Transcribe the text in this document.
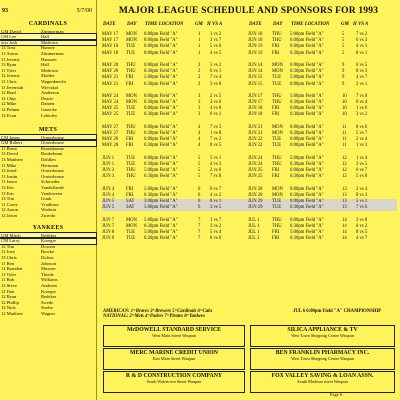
93	5/7/00
CARDINALS
GM David	Zimmerman
CM Lee	Hall
asst Josh	Medeiros
13 Tom	Bunsey
11 Aaron	Zimmerman
11 Jeremy	Hanssen
13 Ryan	Hall
11 Tyler	Medeiros
12 Jeremy	Mulder
11 Chris	Wagenknecht
11 Jeremiah	Wieczkot
12 Brad	Anderson
12 Chip	Dearie
12 Mike	Damen
12 Palmer	Gazecke
12 Evan	Lehtoley
METS
CM Jason	Oosterhouse
GM Robert	Oosterhouse
11 Brent	Rosenkrantz
13 David	Bonkelman
13 Matthew	Dahlkes
11 Mike	Hermann
13 Jared	Oosterhouse
11 Justin	Oosterhouse
11 Jason	Schroeder
13 Eric	VandeZande
13 Eric	Vandeweier
13 Tim	Gunk
11 Corey	Vrudhnos
12 Aaron	Wodstra
12 Jason	Zwerdo
YANKEES
GM Mitch	Redeker
CM Larry	Kroeger
12 Tim	Dowzer
11 Joey	Bowke
13 Chris	Doleac
11 Ben	Johnson
11 Brandon	Maxsen
11 Tyler	Thiede
11 Bob	Williams
12 Steve	Andreen
12 Dan	Kroeger
12 Ryan	Redeker
12 Phillip	Swede
13 Nick	Strebe
12 Matthew	Wagner
MAJOR LEAGUE SCHEDULE AND SPONSORS FOR 1993
DATE DAY TIME LOCATION GM H VS A	DATE DAY TIME LOCATION GM H VS A
MAY 17 MON 6:00pm Field "A"	1 1 vs 2	JUN 18 THU 5:00pm Field "A"	5 7 vs 2
MAY 17 MON 8:00pm Field "A"	1 3 vs 7	JUN 18 THU 6:00pm Field "A"	5 6 vs 3
MAY 18 TUE 6:00pm Field "A"	1 5 vs 6	JUN 19 FRI 6:00pm Field "A"	5 4 vs 1
MAY 18 TUE 8:00pm Field "A"	1 4 vs 5	JUN 19 FRI 6:30pm Field "A"	5 8 vs 1
MAY 20 THU 6:00pm Field "A"	2 5 vs 2	JUN 14 MON 6:00pm Field "A"	9 6 vs 5
MAY 20 THU 6:30pm Field "A"	2 6 vs 1	JUN 14 MON 6:30pm Field "A"	9 8 vs 3
MAY 21 FRI 5:00pm Field "A"	2 7 vs 4	JUN 15 TUE 5:00pm Field "A"	9 4 vs 7
MAY 21 FRI 6:30pm Field "A"	2 3 vs 8	JUN 15 TUE 6:00pm Field "A"	9 2 vs 1
MAY 24 MON 6:00pm Field "A"	3 2 vs 5	JUN 17 THU 5:00pm Field "A"	10 7 vs 8
MAY 24 MON 6:30pm Field "A"	3 3 vs 6	JUN 17 THU 6:30pm Field "A"	10 6 vs 4
MAY 25 TUE 6:00pm Field "A"	3 4 vs 8	JUN 18 FRI 6:00pm Field "A"	10 1 vs 6
MAY 25 TUE 6:30pm Field "A"	3 6 vs 1	JUN 18 FRI 6:30pm Field "A"	10 3 vs 2
MAY 27 THU 6:00pm Field "A"	4 7 vs 3	JUN 21 MON 6:00pm Field "A"	11 8 vs 6
MAY 27 THU 6:30pm Field "A"	4 1 vs 8	JUN 21 MON 6:30pm Field "A"	11 5 vs 7
MAY 28 FRI 6:00pm Field "A"	4 7 vs 2	JUN 22 TUE 6:00pm Field "A"	11 2 vs 4
MAY 28 FRI 6:30pm Field "A"	4 8 vs 5	JUN 22 TUE 6:00pm Field "A"	11 1 vs 3
JUN 1	TUE 6:00pm Field "A"	5 5 vs 1	JUN 24 THU 5:00pm Field "A"	12 1 vs 4
JUN 1	TUE 6:30pm Field "A"	5 4 vs 3	JUN 24 THU 6:30pm Field "A"	12 3 vs 5
JUN 3	THU 5:00pm Field "A"	5 2 vs 6	JUN 25 FRI 6:00pm Field "A"	12 6 vs 7
JUN 3	THU 6:30pm Field "A"	5 7 vs 8	JUN 25 FRI 6:30pm Field "A"	12 5 vs 8
JUN 4	FRI 5:00pm Field "A"	6 6 vs 7	JUN 28 MON 6:00pm Field "A"	13 2 vs 4
JUN 4	FRI 6:30pm Field "A"	6 4 vs 2	JUN 28 MON 6:30pm Field "A"	13 8 vs 3
JUN 5	SAT 3:00pm Field "A"	6 8 vs 1	JUN 29 TUE 6:00pm Field "A"	13 5 vs 1
JUN 5	SAT 5:00pm Field "A"	6 3 vs 5	JUN 29 TUE 6:30pm Field "A"	13 7 vs 6
JUN 7	MON 5:00pm Field "A"	7 1 vs 7	JUL 1	THU 6:00pm Field "A"	14 3 vs 8
JUN 7	MON 6:30pm Field "A"	7 3 vs 2	JUL 1	THU 6:30pm Field "A"	14 6 vs 2
JUN 8	TUE 5:00pm Field "A"	7 5 vs 4	JUL 1	FRI 5:00pm Field "A"	14 8 vs 5
JUN 8	TUE 6:30pm Field "A"	7 8 vs 6	JUL 2	FRI 6:30pm Field "A"	14 4 vs 7
AMERICAN: 1=Braves 3=Brewers 5=Cardinals 6=Cubs
NATIONAL: 2=Mets 4=Padres 7=Pirates 8=Yankees
JUL 6 6:00pm Field "A" CHAMPIONSHIP
McDOWELL STANDARD SERVICE
West Main Street Waupun
SILICA APPLIANCE & TV
West Town Shopping Center Waupun
MERC MARINE CREDIT UNION
East Main Street Waupun
BEN FRANKLIN PHARMACY INC.
West Town Shopping Center Waupun
R & D CONSTRUCTION COMPANY
South Watertown Street Waupun
FOX VALLEY SAVING & LOAN ASSN.
South Madison street Waupun
Page 6
